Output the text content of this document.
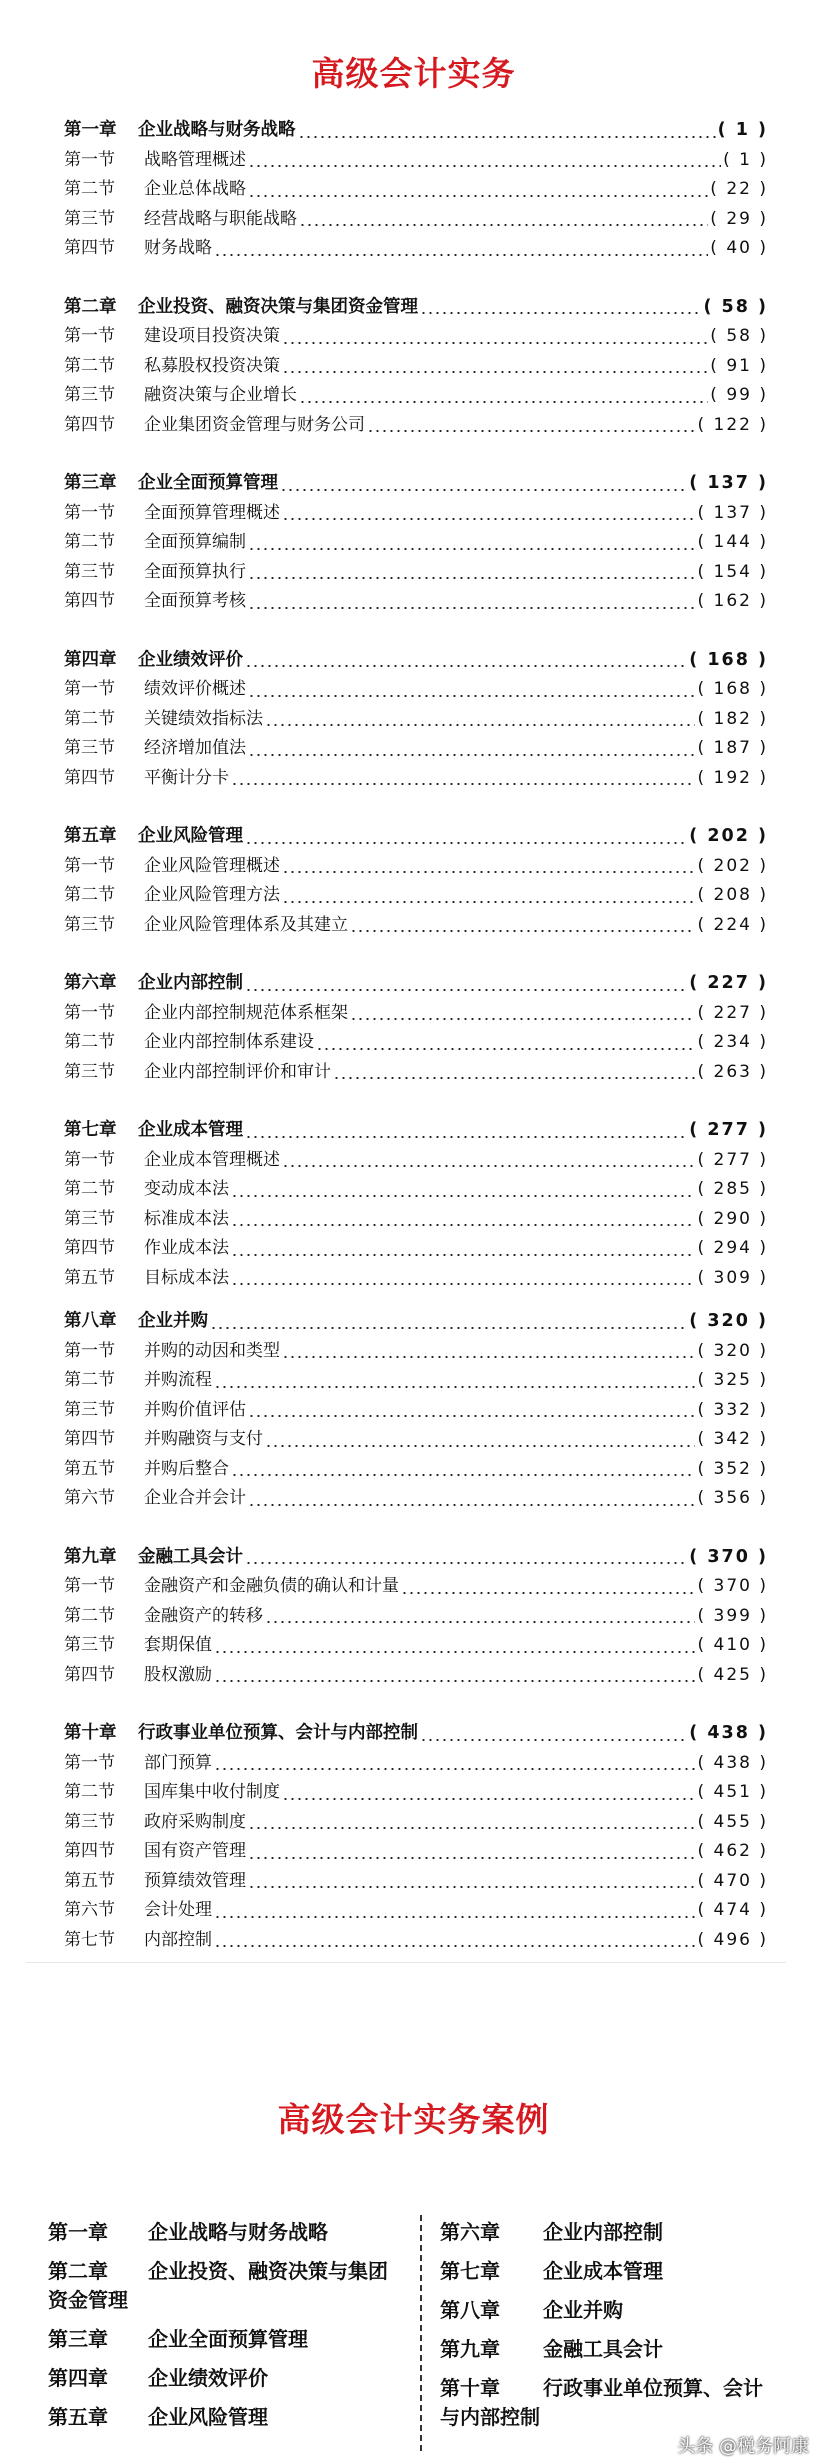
高级会计实务
第一章	企业战略与财务战略	( 1 )
第一节	战略管理概述	( 1 )
第二节	企业总体战略	( 22 )
第三节	经营战略与职能战略	( 29 )
第四节	财务战略	( 40 )
第二章	企业投资、融资决策与集团资金管理	( 58 )
第一节	建设项目投资决策	( 58 )
第二节	私募股权投资决策	( 91 )
第三节	融资决策与企业增长	( 99 )
第四节	企业集团资金管理与财务公司	( 122 )
第三章	企业全面预算管理	( 137 )
第一节	全面预算管理概述	( 137 )
第二节	全面预算编制	( 144 )
第三节	全面预算执行	( 154 )
第四节	全面预算考核	( 162 )
第四章	企业绩效评价	( 168 )
第一节	绩效评价概述	( 168 )
第二节	关键绩效指标法	( 182 )
第三节	经济增加值法	( 187 )
第四节	平衡计分卡	( 192 )
第五章	企业风险管理	( 202 )
第一节	企业风险管理概述	( 202 )
第二节	企业风险管理方法	( 208 )
第三节	企业风险管理体系及其建立	( 224 )
第六章	企业内部控制	( 227 )
第一节	企业内部控制规范体系框架	( 227 )
第二节	企业内部控制体系建设	( 234 )
第三节	企业内部控制评价和审计	( 263 )
第七章	企业成本管理	( 277 )
第一节	企业成本管理概述	( 277 )
第二节	变动成本法	( 285 )
第三节	标准成本法	( 290 )
第四节	作业成本法	( 294 )
第五节	目标成本法	( 309 )
第八章	企业并购	( 320 )
第一节	并购的动因和类型	( 320 )
第二节	并购流程	( 325 )
第三节	并购价值评估	( 332 )
第四节	并购融资与支付	( 342 )
第五节	并购后整合	( 352 )
第六节	企业合并会计	( 356 )
第九章	金融工具会计	( 370 )
第一节	金融资产和金融负债的确认和计量	( 370 )
第二节	金融资产的转移	( 399 )
第三节	套期保值	( 410 )
第四节	股权激励	( 425 )
第十章	行政事业单位预算、会计与内部控制	( 438 )
第一节	部门预算	( 438 )
第二节	国库集中收付制度	( 451 )
第三节	政府采购制度	( 455 )
第四节	国有资产管理	( 462 )
第五节	预算绩效管理	( 470 )
第六节	会计处理	( 474 )
第七节	内部控制	( 496 )
高级会计实务案例
第一章 企业战略与财务战略
第二章 企业投资、融资决策与集团资金管理
第三章 企业全面预算管理
第四章 企业绩效评价
第五章 企业风险管理
第六章 企业内部控制
第七章 企业成本管理
第八章 企业并购
第九章 金融工具会计
第十章 行政事业单位预算、会计与内部控制
头条 @税务阿康
